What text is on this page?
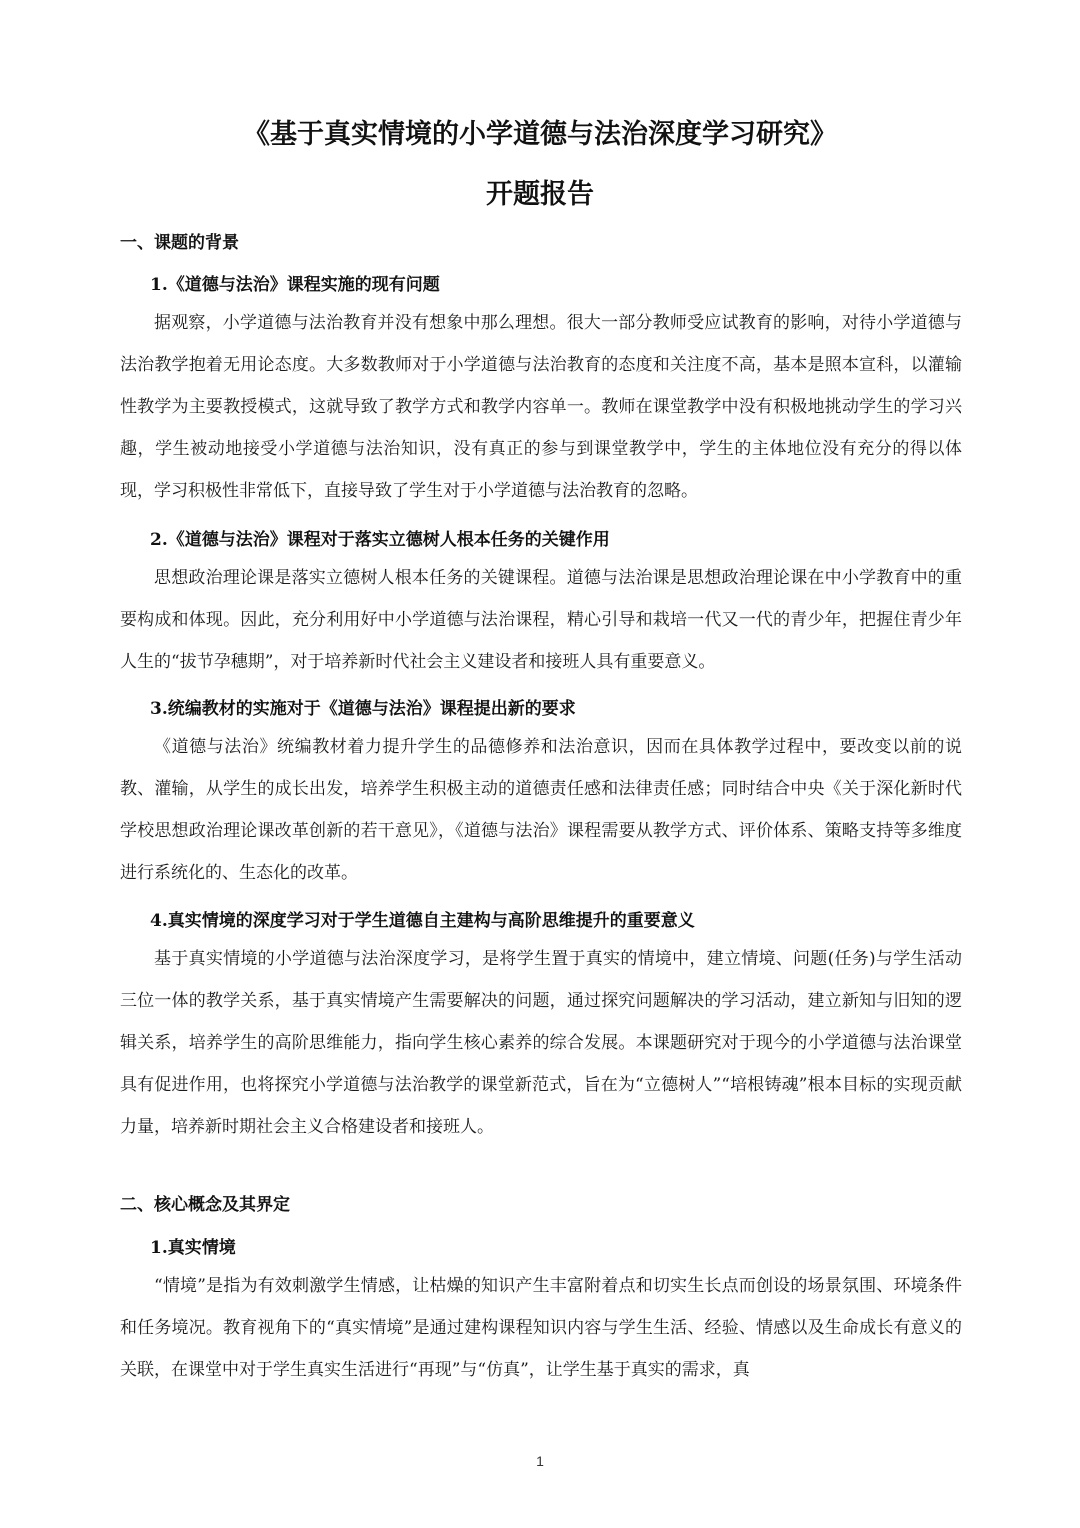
《基于真实情境的小学道德与法治深度学习研究》
开题报告
一、课题的背景
1.《道德与法治》课程实施的现有问题

据观察，小学道德与法治教育并没有想象中那么理想。很大一部分教师受应试教育的影响，对待小学道德与法治教学抱着无用论态度。大多数教师对于小学道德与法治教育的态度和关注度不高，基本是照本宣科，以灌输性教学为主要教授模式，这就导致了教学方式和教学内容单一。教师在课堂教学中没有积极地挑动学生的学习兴趣，学生被动地接受小学道德与法治知识，没有真正的参与到课堂教学中，学生的主体地位没有充分的得以体现，学习积极性非常低下，直接导致了学生对于小学道德与法治教育的忽略。

2.《道德与法治》课程对于落实立德树人根本任务的关键作用

思想政治理论课是落实立德树人根本任务的关键课程。道德与法治课是思想政治理论课在中小学教育中的重要构成和体现。因此，充分利用好中小学道德与法治课程，精心引导和栽培一代又一代的青少年，把握住青少年人生的“拔节孕穗期”，对于培养新时代社会主义建设者和接班人具有重要意义。

3.统编教材的实施对于《道德与法治》课程提出新的要求

《道德与法治》统编教材着力提升学生的品德修养和法治意识，因而在具体教学过程中，要改变以前的说教、灌输，从学生的成长出发，培养学生积极主动的道德责任感和法律责任感；同时结合中央《关于深化新时代学校思想政治理论课改革创新的若干意见》，《道德与法治》课程需要从教学方式、评价体系、策略支持等多维度进行系统化的、生态化的改革。

4.真实情境的深度学习对于学生道德自主建构与高阶思维提升的重要意义

基于真实情境的小学道德与法治深度学习，是将学生置于真实的情境中，建立情境、问题(任务)与学生活动三位一体的教学关系，基于真实情境产生需要解决的问题，通过探究问题解决的学习活动，建立新知与旧知的逻辑关系，培养学生的高阶思维能力，指向学生核心素养的综合发展。本课题研究对于现今的小学道德与法治课堂具有促进作用，也将探究小学道德与法治教学的课堂新范式，旨在为“立德树人”“培根铸魂”根本目标的实现贡献力量，培养新时期社会主义合格建设者和接班人。

二、核心概念及其界定
1.真实情境

“情境”是指为有效刺激学生情感，让枯燥的知识产生丰富附着点和切实生长点而创设的场景氛围、环境条件和任务境况。教育视角下的“真实情境”是通过建构课程知识内容与学生生活、经验、情感以及生命成长有意义的关联，在课堂中对于学生真实生活进行“再现”与“仿真”，让学生基于真实的需求，真

1
